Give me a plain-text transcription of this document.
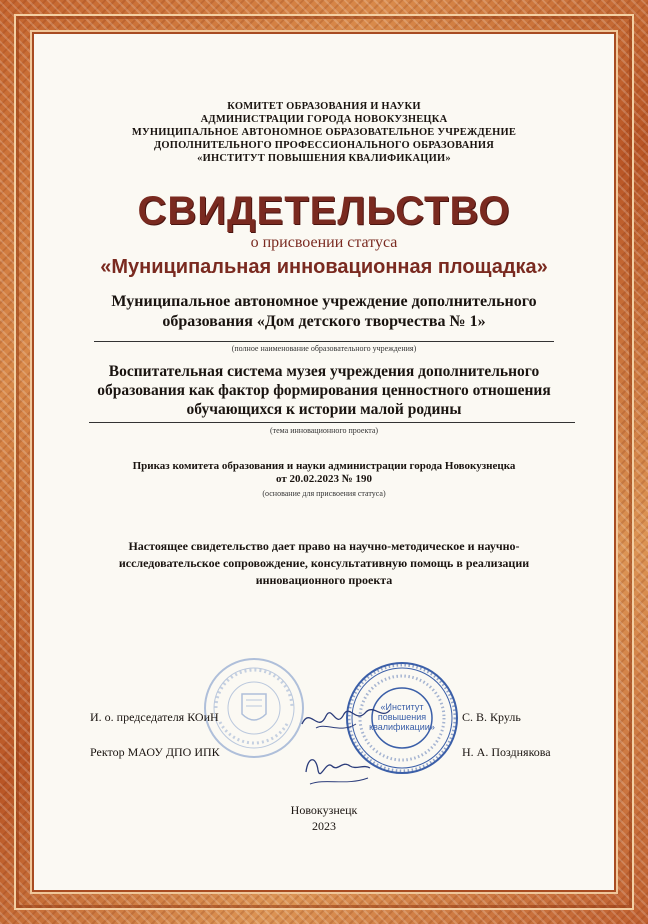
КОМИТЕТ ОБРАЗОВАНИЯ И НАУКИ
АДМИНИСТРАЦИИ ГОРОДА НОВОКУЗНЕЦКА
МУНИЦИПАЛЬНОЕ АВТОНОМНОЕ ОБРАЗОВАТЕЛЬНОЕ УЧРЕЖДЕНИЕ
ДОПОЛНИТЕЛЬНОГО ПРОФЕССИОНАЛЬНОГО ОБРАЗОВАНИЯ
«ИНСТИТУТ ПОВЫШЕНИЯ КВАЛИФИКАЦИИ»
СВИДЕТЕЛЬСТВО
о присвоении статуса
«Муниципальная инновационная площадка»
Муниципальное автономное учреждение дополнительного
образования «Дом детского творчества № 1»
(полное наименование образовательного учреждения)
Воспитательная система музея учреждения дополнительного
образования как фактор формирования ценностного отношения
обучающихся к истории малой родины
(тема инновационного проекта)
Приказ комитета образования и науки администрации города Новокузнецка
от 20.02.2023 № 190
(основание для присвоения статуса)
Настоящее свидетельство дает право на научно-методическое и научно-
исследовательское сопровождение, консультативную помощь в реализации
инновационного проекта
«Институт повышения квалификации»
И. о. председателя КОиН	С. В. Круль
Ректор МАОУ ДПО ИПК	Н. А. Позднякова
Новокузнецк
2023
